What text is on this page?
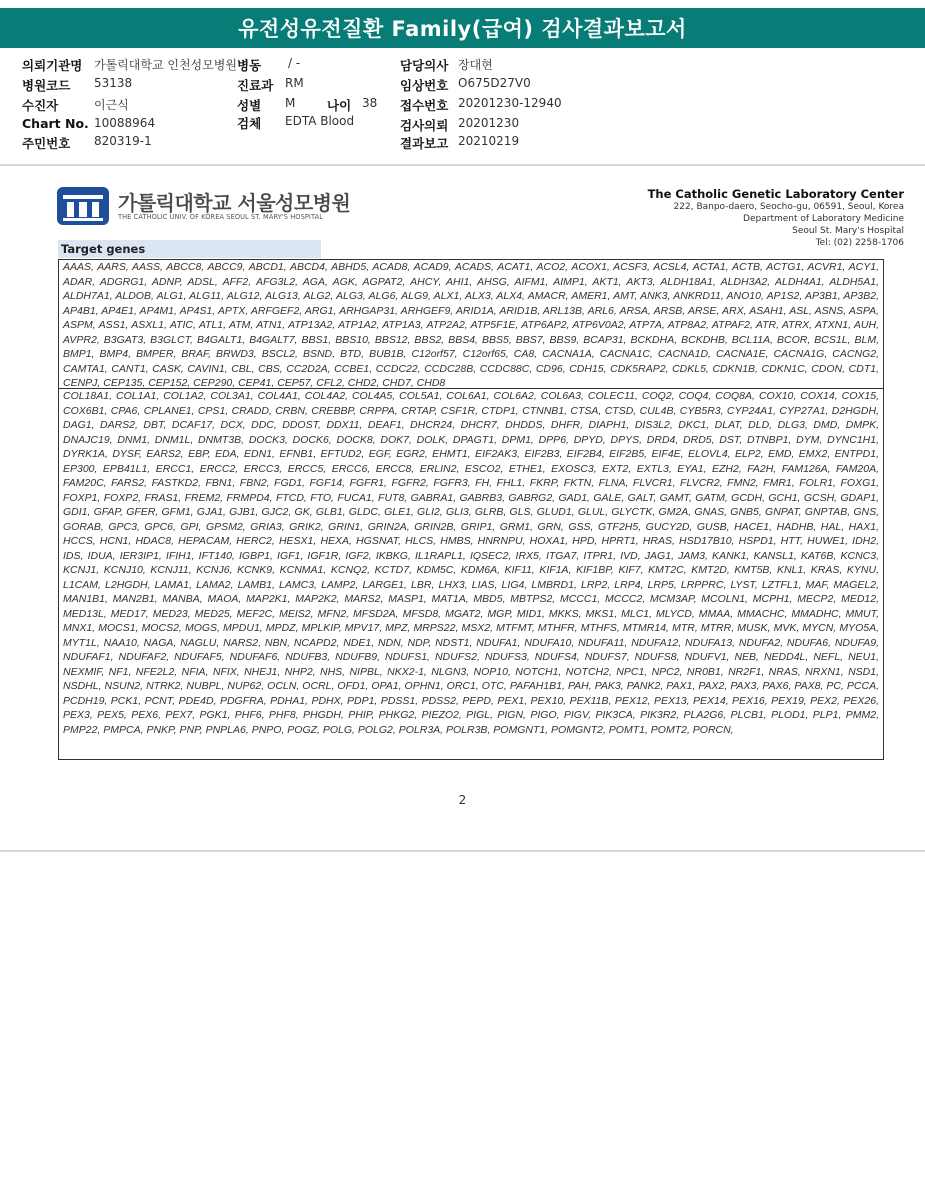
유전성유전질환 Family(급여) 검사결과보고서
의뢰기관명 가톨릭대학교 인천성모병원 병동 / -	담당의사 장대현
병원코드 53138	진료과 RM	임상번호 O675D27V0
수진자	이근식	성별 M	나이 38 접수번호 20201230-12940
Chart No. 10088964	검체 EDTA Blood	검사의뢰 20201230
주민번호 820319-1	결과보고 20210219
가톨릭대학교 서울성모병원
THE CATHOLIC UNIV. OF KOREA SEOUL ST. MARY'S HOSPITAL
The Catholic Genetic Laboratory Center
222, Banpo-daero, Seocho-gu, 06591, Seoul, Korea
Department of Laboratory Medicine
Seoul St. Mary's Hospital
Tel: (02) 2258-1706
Target genes
AAAS, AARS, AASS, ABCC8, ABCC9, ABCD1, ABCD4, ABHD5, ACAD8, ACAD9, ACADS, ACAT1, ACO2, ACOX1, ACSF3, ACSL4, ACTA1, ACTB, ACTG1, ACVR1, ACY1, ADAR, ADGRG1, ADNP, ADSL, AFF2, AFG3L2, AGA, AGK, AGPAT2, AHCY, AHI1, AHSG, AIFM1, AIMP1, AKT1, AKT3, ALDH18A1, ALDH3A2, ALDH4A1, ALDH5A1, ALDH7A1, ALDOB, ALG1, ALG11, ALG12, ALG13, ALG2, ALG3, ALG6, ALG9, ALX1, ALX3, ALX4, AMACR, AMER1, AMT, ANK3, ANKRD11, ANO10, AP1S2, AP3B1, AP3B2, AP4B1, AP4E1, AP4M1, AP4S1, APTX, ARFGEF2, ARG1, ARHGAP31, ARHGEF9, ARID1A, ARID1B, ARL13B, ARL6, ARSA, ARSB, ARSE, ARX, ASAH1, ASL, ASNS, ASPA, ASPM, ASS1, ASXL1, ATIC, ATL1, ATM, ATN1, ATP13A2, ATP1A2, ATP1A3, ATP2A2, ATP5F1E, ATP6AP2, ATP6V0A2, ATP7A, ATP8A2, ATPAF2, ATR, ATRX, ATXN1, AUH, AVPR2, B3GAT3, B3GLCT, B4GALT1, B4GALT7, BBS1, BBS10, BBS12, BBS2, BBS4, BBS5, BBS7, BBS9, BCAP31, BCKDHA, BCKDHB, BCL11A, BCOR, BCS1L, BLM, BMP1, BMP4, BMPER, BRAF, BRWD3, BSCL2, BSND, BTD, BUB1B, C12orf57, C12orf65, CA8, CACNA1A, CACNA1C, CACNA1D, CACNA1E, CACNA1G, CACNG2, CAMTA1, CANT1, CASK, CAVIN1, CBL, CBS, CC2D2A, CCBE1, CCDC22, CCDC28B, CCDC88C, CD96, CDH15, CDK5RAP2, CDKL5, CDKN1B, CDKN1C, CDON, CDT1, CENPJ, CEP135, CEP152, CEP290, CEP41, CEP57, CFL2, CHD2, CHD7, CHD8
COL18A1, COL1A1, COL1A2, COL3A1, COL4A1, COL4A2, COL4A5, COL5A1, COL6A1, COL6A2, COL6A3, COLEC11, COQ2, COQ4, COQ8A, COX10, COX14, COX15, COX6B1, CPA6, CPLANE1, CPS1, CRADD, CRBN, CREBBP, CRPPA, CRTAP, CSF1R, CTDP1, CTNNB1, CTSA, CTSD, CUL4B, CYB5R3, CYP24A1, CYP27A1, D2HGDH, DAG1, DARS2, DBT, DCAF17, DCX, DDC, DDOST, DDX11, DEAF1, DHCR24, DHCR7, DHDDS, DHFR, DIAPH1, DIS3L2, DKC1, DLAT, DLD, DLG3, DMD, DMPK, DNAJC19, DNM1, DNM1L, DNMT3B, DOCK3, DOCK6, DOCK8, DOK7, DOLK, DPAGT1, DPM1, DPP6, DPYD, DPYS, DRD4, DRD5, DST, DTNBP1, DYM, DYNC1H1, DYRK1A, DYSF, EARS2, EBP, EDA, EDN1, EFNB1, EFTUD2, EGF, EGR2, EHMT1, EIF2AK3, EIF2B3, EIF2B4, EIF2B5, EIF4E, ELOVL4, ELP2, EMD, EMX2, ENTPD1, EP300, EPB41L1, ERCC1, ERCC2, ERCC3, ERCC5, ERCC6, ERCC8, ERLIN2, ESCO2, ETHE1, EXOSC3, EXT2, EXTL3, EYA1, EZH2, FA2H, FAM126A, FAM20A, FAM20C, FARS2, FASTKD2, FBN1, FBN2, FGD1, FGF14, FGFR1, FGFR2, FGFR3, FH, FHL1, FKRP, FKTN, FLNA, FLVCR1, FLVCR2, FMN2, FMR1, FOLR1, FOXG1, FOXP1, FOXP2, FRAS1, FREM2, FRMPD4, FTCD, FTO, FUCA1, FUT8, GABRA1, GABRB3, GABRG2, GAD1, GALE, GALT, GAMT, GATM, GCDH, GCH1, GCSH, GDAP1, GDI1, GFAP, GFER, GFM1, GJA1, GJB1, GJC2, GK, GLB1, GLDC, GLE1, GLI2, GLI3, GLRB, GLS, GLUD1, GLUL, GLYCTK, GM2A, GNAS, GNB5, GNPAT, GNPTAB, GNS, GORAB, GPC3, GPC6, GPI, GPSM2, GRIA3, GRIK2, GRIN1, GRIN2A, GRIN2B, GRIP1, GRM1, GRN, GSS, GTF2H5, GUCY2D, GUSB, HACE1, HADHB, HAL, HAX1, HCCS, HCN1, HDAC8, HEPACAM, HERC2, HESX1, HEXA, HGSNAT, HLCS, HMBS, HNRNPU, HOXA1, HPD, HPRT1, HRAS, HSD17B10, HSPD1, HTT, HUWE1, IDH2, IDS, IDUA, IER3IP1, IFIH1, IFT140, IGBP1, IGF1, IGF1R, IGF2, IKBKG, IL1RAPL1, IQSEC2, IRX5, ITGA7, ITPR1, IVD, JAG1, JAM3, KANK1, KANSL1, KAT6B, KCNC3, KCNJ1, KCNJ10, KCNJ11, KCNJ6, KCNK9, KCNMA1, KCNQ2, KCTD7, KDM5C, KDM6A, KIF11, KIF1A, KIF1BP, KIF7, KMT2C, KMT2D, KMT5B, KNL1, KRAS, KYNU, L1CAM, L2HGDH, LAMA1, LAMA2, LAMB1, LAMC3, LAMP2, LARGE1, LBR, LHX3, LIAS, LIG4, LMBRD1, LRP2, LRP4, LRP5, LRPPRC, LYST, LZTFL1, MAF, MAGEL2, MAN1B1, MAN2B1, MANBA, MAOA, MAP2K1, MAP2K2, MARS2, MASP1, MAT1A, MBD5, MBTPS2, MCCC1, MCCC2, MCM3AP, MCOLN1, MCPH1, MECP2, MED12, MED13L, MED17, MED23, MED25, MEF2C, MEIS2, MFN2, MFSD2A, MFSD8, MGAT2, MGP, MID1, MKKS, MKS1, MLC1, MLYCD, MMAA, MMACHC, MMADHC, MMUT, MNX1, MOCS1, MOCS2, MOGS, MPDU1, MPDZ, MPLKIP, MPV17, MPZ, MRPS22, MSX2, MTFMT, MTHFR, MTHFS, MTMR14, MTR, MTRR, MUSK, MVK, MYCN, MYO5A, MYT1L, NAA10, NAGA, NAGLU, NARS2, NBN, NCAPD2, NDE1, NDN, NDP, NDST1, NDUFA1, NDUFA10, NDUFA11, NDUFA12, NDUFA13, NDUFA2, NDUFA6, NDUFA9, NDUFAF1, NDUFAF2, NDUFAF5, NDUFAF6, NDUFB3, NDUFB9, NDUFS1, NDUFS2, NDUFS3, NDUFS4, NDUFS7, NDUFS8, NDUFV1, NEB, NEDD4L, NEFL, NEU1, NEXMIF, NF1, NFE2L2, NFIA, NFIX, NHEJ1, NHP2, NHS, NIPBL, NKX2-1, NLGN3, NOP10, NOTCH1, NOTCH2, NPC1, NPC2, NR0B1, NR2F1, NRAS, NRXN1, NSD1, NSDHL, NSUN2, NTRK2, NUBPL, NUP62, OCLN, OCRL, OFD1, OPA1, OPHN1, ORC1, OTC, PAFAH1B1, PAH, PAK3, PANK2, PAX1, PAX2, PAX3, PAX6, PAX8, PC, PCCA, PCDH19, PCK1, PCNT, PDE4D, PDGFRA, PDHA1, PDHX, PDP1, PDSS1, PDSS2, PEPD, PEX1, PEX10, PEX11B, PEX12, PEX13, PEX14, PEX16, PEX19, PEX2, PEX26, PEX3, PEX5, PEX6, PEX7, PGK1, PHF6, PHF8, PHGDH, PHIP, PHKG2, PIEZO2, PIGL, PIGN, PIGO, PIGV, PIK3CA, PIK3R2, PLA2G6, PLCB1, PLOD1, PLP1, PMM2, PMP22, PMPCA, PNKP, PNP, PNPLA6, PNPO, POGZ, POLG, POLG2, POLR3A, POLR3B, POMGNT1, POMGNT2, POMT1, POMT2, PORCN,
2
